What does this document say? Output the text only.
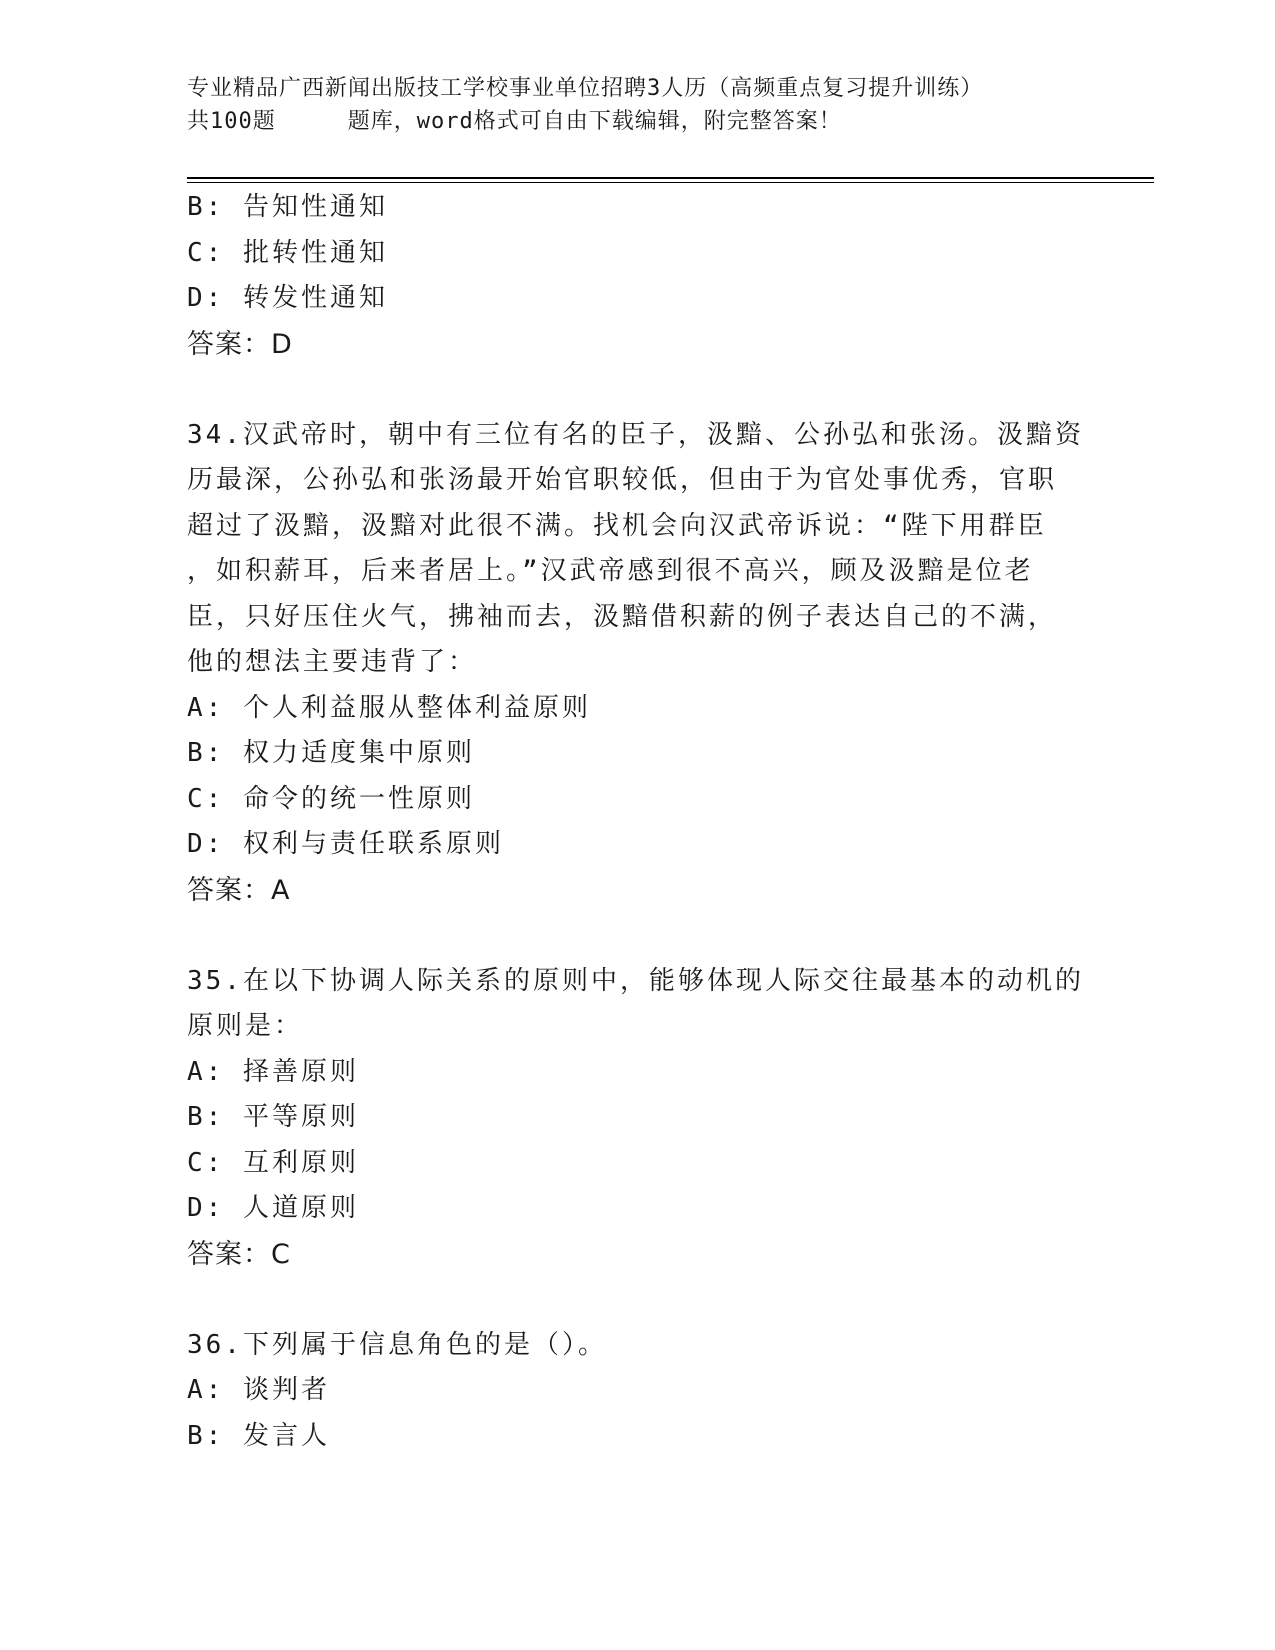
专业精品广西新闻出版技工学校事业单位招聘3人历（高频重点复习提升训练）
共100题	题库，word格式可自由下载编辑，附完整答案！
B: 告知性通知
C: 批转性通知
D: 转发性通知
答案：D
34.汉武帝时，朝中有三位有名的臣子，汲黯、公孙弘和张汤。汲黯资
历最深，公孙弘和张汤最开始官职较低，但由于为官处事优秀，官职
超过了汲黯，汲黯对此很不满。找机会向汉武帝诉说：“陛下用群臣
，如积薪耳，后来者居上。”汉武帝感到很不高兴，顾及汲黯是位老
臣，只好压住火气，拂袖而去，汲黯借积薪的例子表达自己的不满，
他的想法主要违背了：
A: 个人利益服从整体利益原则
B: 权力适度集中原则
C: 命令的统一性原则
D: 权利与责任联系原则
答案：A
35.在以下协调人际关系的原则中，能够体现人际交往最基本的动机的
原则是：
A: 择善原则
B: 平等原则
C: 互利原则
D: 人道原则
答案：C
36.下列属于信息角色的是（）。
A: 谈判者
B: 发言人
